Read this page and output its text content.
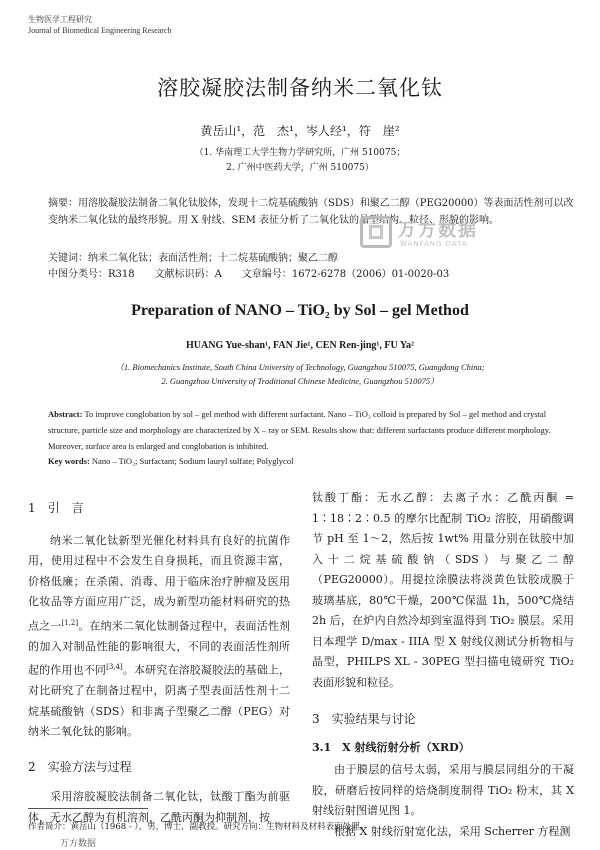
生物医学工程研究
Journal of Biomedical Engineering Research
溶胶凝胶法制备纳米二氧化钛
黄岳山¹，范　杰¹，岑人经¹，符　崖²
（1. 华南理工大学生物力学研究所，广州 510075；
2. 广州中医药大学，广州 510075）
摘要：用溶胶凝胶法制备二氧化钛胶体，发现十二烷基硫酸钠（SDS）和聚乙二醇（PEG20000）等表面活性剂可以改变纳米二氧化钛的最终形貌。用 X 射线、SEM 表征分析了二氧化钛的晶型结构、粒径、形貌的影响。
万方数据
WANFANG DATA
关键词：纳米二氧化钛；表面活性剂；十二烷基硫酸钠；聚乙二醇
中图分类号：R318　　文献标识码：A　　文章编号：1672-6278（2006）01-0020-03
Preparation of NANO – TiO₂ by Sol – gel Method
HUANG Yue-shan¹, FAN Jie¹, CEN Ren-jing¹, FU Ya²
（1. Biomechanics Institute, South China University of Technology, Guangzhou 510075, Guangdong China;
2. Guangzhou University of Traditional Chinese Medicine, Guangzhou 510075）
Abstract: To improve conglobation by sol – gel method with different surfactant. Nano – TiO₂ colloid is prepared by Sol – gel method and crystal structure, particle size and morphology are characterized by X – ray or SEM. Results show that: different surfactants produce different morphology. Moreover, surface area is enlarged and conglobation is inhibited.
Key words: Nano – TiO₂; Surfactant; Sodium lauryl sulfate; Polyglycol
1　引　言

纳米二氧化钛新型光催化材料具有良好的抗菌作用，使用过程中不会发生自身损耗，而且资源丰富，价格低廉；在杀菌、消毒、用于临床治疗肿瘤及医用化妆品等方面应用广泛，成为新型功能材料研究的热点之一[1,2]。在纳米二氧化钛制备过程中，表面活性剂的加入对制品性能的影响很大，不同的表面活性剂所起的作用也不同[3,4]。本研究在溶胶凝胶法的基础上，对比研究了在制备过程中，阴离子型表面活性剂十二烷基硫酸钠（SDS）和非离子型聚乙二醇（PEG）对纳米二氧化钛的影响。

2　实验方法与过程

采用溶胶凝胶法制备二氧化钛，钛酸丁酯为前驱体，无水乙醇为有机溶剂，乙酰丙酮为抑制剂，按

钛酸丁酯：无水乙醇：去离子水：乙酰丙酮 = 1∶18∶2∶0.5 的摩尔比配制 TiO₂ 溶胶，用硝酸调节 pH 至 1～2，然后按 1wt% 用量分别在钛胶中加入十二烷基硫酸钠（SDS）与聚乙二醇（PEG20000）。用提拉涂膜法将淡黄色钛胶成膜于玻璃基底，80℃干燥，200℃保温 1h，500℃烧结 2h 后，在炉内自然冷却到室温得到 TiO₂ 膜层。采用日本理学 D/max - IIIA 型 X 射线仪测试分析物相与晶型，PHILPS XL - 30PEG 型扫描电镜研究 TiO₂ 表面形貌和粒径。

3　实验结果与讨论
3.1　X 射线衍射分析（XRD）

由于膜层的信号太弱，采用与膜层同组分的干凝胶，研磨后按同样的焙烧制度制得 TiO₂ 粉末，其 X 射线衍射图谱见图 1。

根据 X 射线衍射宽化法，采用 Scherrer 方程测

作者简介：黄岳山（1968 - ），男，博士，副教授。研究方向：生物材料及材料表面处理。
万方数据
